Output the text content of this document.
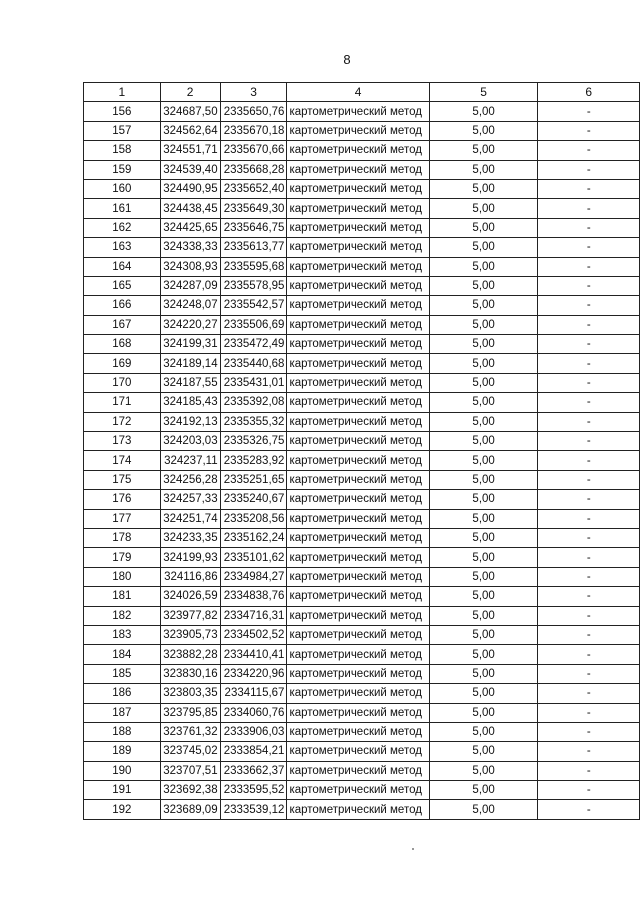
8
1	2	3	4	5	6
156	324687,50	2335650,76	картометрический метод	5,00	-
157	324562,64	2335670,18	картометрический метод	5,00	-
158	324551,71	2335670,66	картометрический метод	5,00	-
159	324539,40	2335668,28	картометрический метод	5,00	-
160	324490,95	2335652,40	картометрический метод	5,00	-
161	324438,45	2335649,30	картометрический метод	5,00	-
162	324425,65	2335646,75	картометрический метод	5,00	-
163	324338,33	2335613,77	картометрический метод	5,00	-
164	324308,93	2335595,68	картометрический метод	5,00	-
165	324287,09	2335578,95	картометрический метод	5,00	-
166	324248,07	2335542,57	картометрический метод	5,00	-
167	324220,27	2335506,69	картометрический метод	5,00	-
168	324199,31	2335472,49	картометрический метод	5,00	-
169	324189,14	2335440,68	картометрический метод	5,00	-
170	324187,55	2335431,01	картометрический метод	5,00	-
171	324185,43	2335392,08	картометрический метод	5,00	-
172	324192,13	2335355,32	картометрический метод	5,00	-
173	324203,03	2335326,75	картометрический метод	5,00	-
174	324237,11	2335283,92	картометрический метод	5,00	-
175	324256,28	2335251,65	картометрический метод	5,00	-
176	324257,33	2335240,67	картометрический метод	5,00	-
177	324251,74	2335208,56	картометрический метод	5,00	-
178	324233,35	2335162,24	картометрический метод	5,00	-
179	324199,93	2335101,62	картометрический метод	5,00	-
180	324116,86	2334984,27	картометрический метод	5,00	-
181	324026,59	2334838,76	картометрический метод	5,00	-
182	323977,82	2334716,31	картометрический метод	5,00	-
183	323905,73	2334502,52	картометрический метод	5,00	-
184	323882,28	2334410,41	картометрический метод	5,00	-
185	323830,16	2334220,96	картометрический метод	5,00	-
186	323803,35	2334115,67	картометрический метод	5,00	-
187	323795,85	2334060,76	картометрический метод	5,00	-
188	323761,32	2333906,03	картометрический метод	5,00	-
189	323745,02	2333854,21	картометрический метод	5,00	-
190	323707,51	2333662,37	картометрический метод	5,00	-
191	323692,38	2333595,52	картометрический метод	5,00	-
192	323689,09	2333539,12	картометрический метод	5,00	-
